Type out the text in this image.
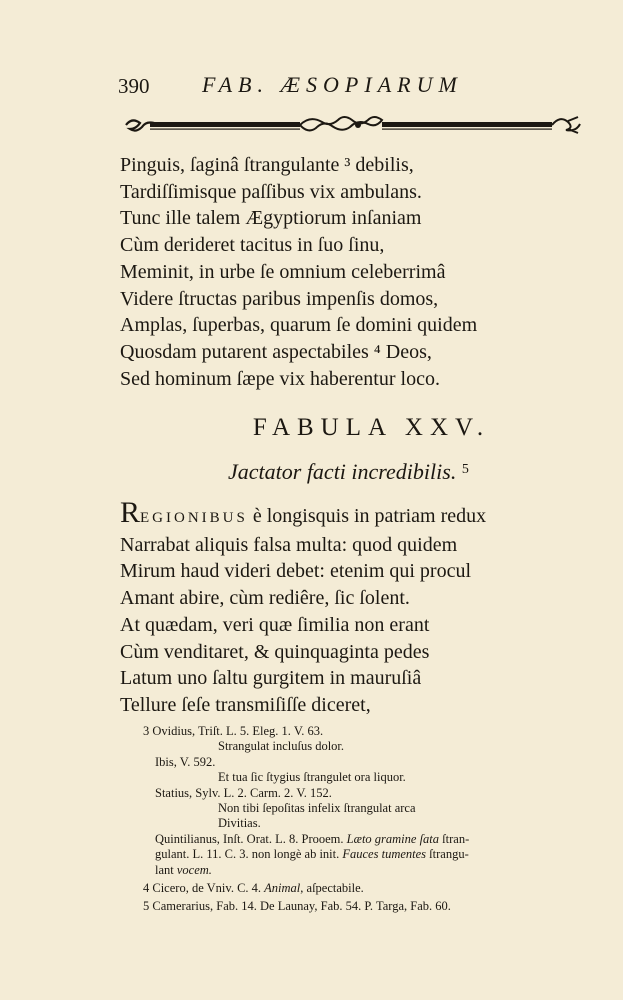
390 FAB. ÆSOPIARUM
Pinguis, ſaginâ ſtrangulante ³ debilis,
Tardiſſimisque paſſibus vix ambulans.
Tunc ille talem Ægyptiorum inſaniam
Cùm derideret tacitus in ſuo ſinu,
Meminit, in urbe ſe omnium celeberrimâ
Videre ſtructas paribus impenſis domos,
Amplas, ſuperbas, quarum ſe domini quidem
Quosdam putarent aspectabiles ⁴ Deos,
Sed hominum ſæpe vix haberentur loco.
FABULA XXV.
Jactator facti incredibilis. $^5$
REGIONIBUS è longisquis in patriam redux
Narrabat aliquis falsa multa: quod quidem
Mirum haud videri debet: etenim qui procul
Amant abire, cùm rediêre, ſic ſolent.
At quædam, veri quæ ſimilia non erant
Cùm venditaret, & quinquaginta pedes
Latum uno ſaltu gurgitem in mauruſiâ
Tellure ſeſe transmiſiſſe diceret,
3 Ovidius, Triſt. L. 5. Eleg. 1. V. 63.
Strangulat incluſus dolor.
Ibis, V. 592.
Et tua ſic ſtygius ſtrangulet ora liquor.
Statius, Sylv. L. 2. Carm. 2. V. 152.
Non tibi ſepoſitas infelix ſtrangulat arca
Divitias.
Quintilianus, Inſt. Orat. L. 8. Prooem. Læto gramine ſata ſtran-
gulant. L. 11. C. 3. non longè ab init. Fauces tumentes ſtrangu-
lant vocem.
4 Cicero, de Vniv. C. 4. Animal, aſpectabile.
5 Camerarius, Fab. 14. De Launay, Fab. 54. P. Targa, Fab. 60.
